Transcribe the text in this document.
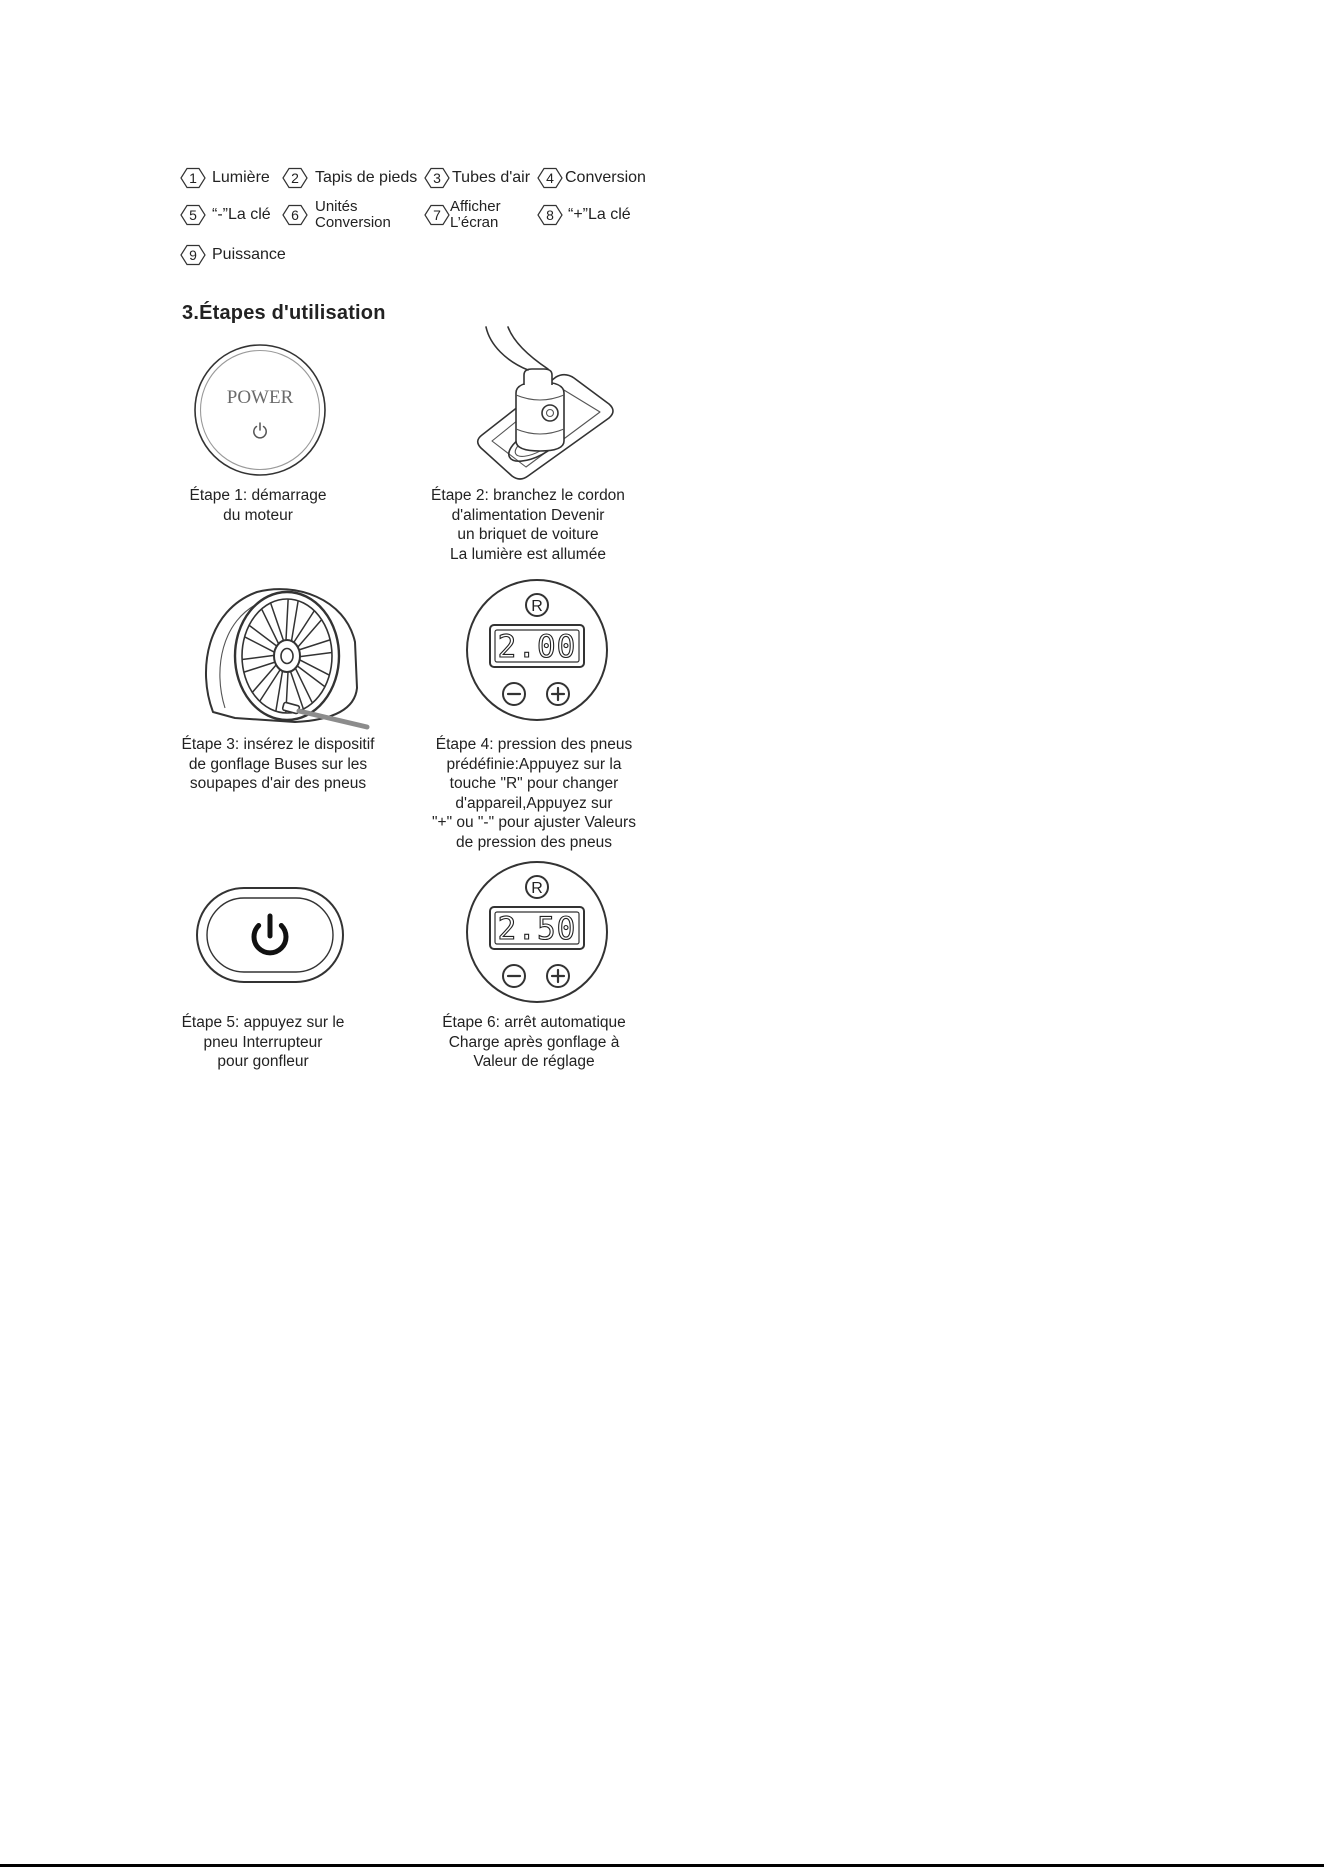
1 Lumière 2 Tapis de pieds 3 Tubes d'air 4 Conversion
5 “-”La clé 6 Unités
Conversion	7 Afficher
L’écran	8 “+”La clé
9 Puissance
3.Étapes d'utilisation
POWER
Étape 1: démarrage
du moteur
Étape 2: branchez le cordon
d'alimentation Devenir
un briquet de voiture
La lumière est allumée
Étape 3: insérez le dispositif
de gonflage Buses sur les
soupapes d'air des pneus
R
2.00
Étape 4: pression des pneus
prédéfinie:Appuyez sur la
touche "R" pour changer
d'appareil,Appuyez sur
"+" ou "-" pour ajuster Valeurs
de pression des pneus
Étape 5: appuyez sur le
pneu Interrupteur
pour gonfleur
R
2.50
Étape 6: arrêt automatique
Charge après gonflage à
Valeur de réglage
